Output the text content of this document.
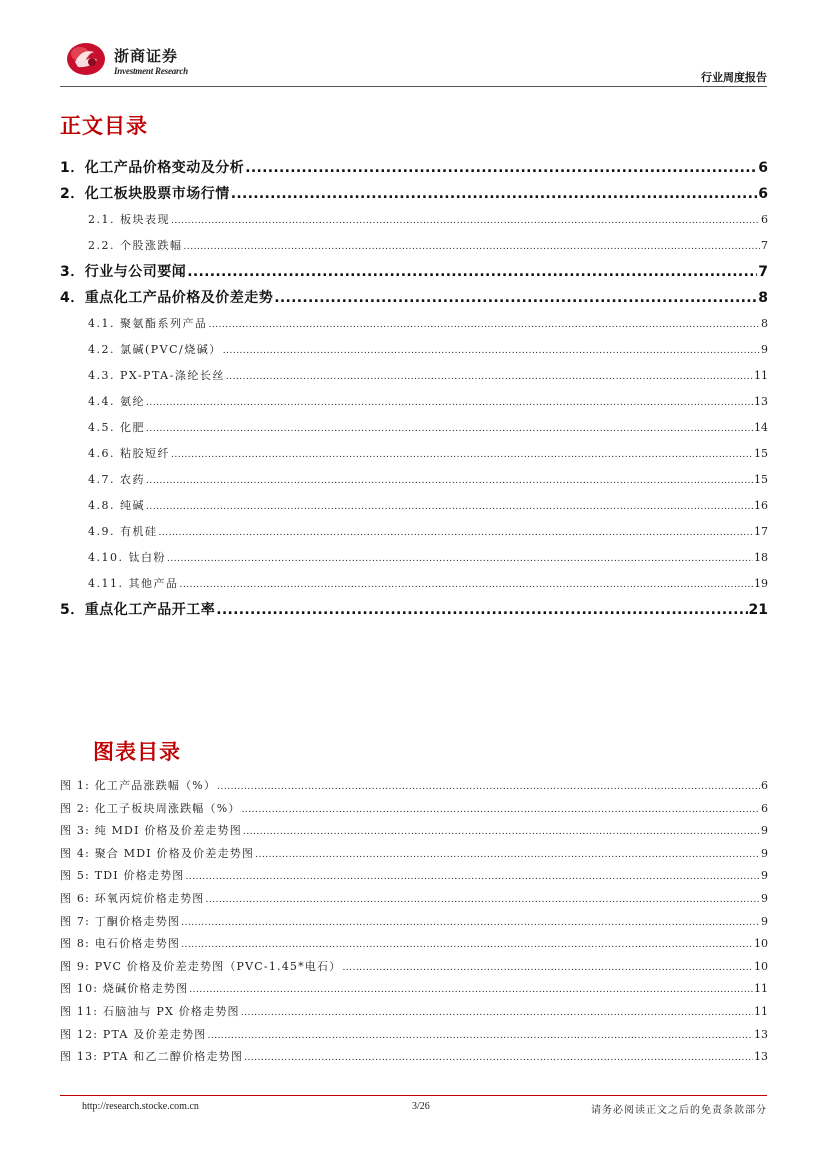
浙商证券
Investment Research	行业周度报告
正文目录
1．化工产品价格变动及分析 .....	6
2．化工板块股票市场行情 .....	6
2.1. 板块表现 .....	6
2.2. 个股涨跌幅 .....	7
3．行业与公司要闻 .....	7
4．重点化工产品价格及价差走势 .....	8
4.1. 聚氨酯系列产品 .....	8
4.2. 氯碱(PVC/烧碱） .....	9
4.3. PX-PTA-涤纶长丝 .....	11
4.4. 氨纶 .....	13
4.5. 化肥 .....	14
4.6. 粘胶短纤 .....	15
4.7. 农药 .....	15
4.8. 纯碱 .....	16
4.9. 有机硅 .....	17
4.10. 钛白粉 .....	18
4.11. 其他产品 .....	19
5．重点化工产品开工率 .....	21
图表目录
图 1: 化工产品涨跌幅（%） .....	6
图 2: 化工子板块周涨跌幅（%） .....	6
图 3: 纯 MDI 价格及价差走势图 .....	9
图 4: 聚合 MDI 价格及价差走势图 .....	9
图 5: TDI 价格走势图 .....	9
图 6: 环氧丙烷价格走势图 .....	9
图 7: 丁酮价格走势图 .....	9
图 8: 电石价格走势图 .....	10
图 9: PVC 价格及价差走势图（PVC-1.45*电石） .....	10
图 10: 烧碱价格走势图 .....	11
图 11: 石脑油与 PX 价格走势图 .....	11
图 12: PTA 及价差走势图 .....	13
图 13: PTA 和乙二醇价格走势图 .....	13
http://research.stocke.com.cn	3/26	请务必阅读正文之后的免责条款部分
